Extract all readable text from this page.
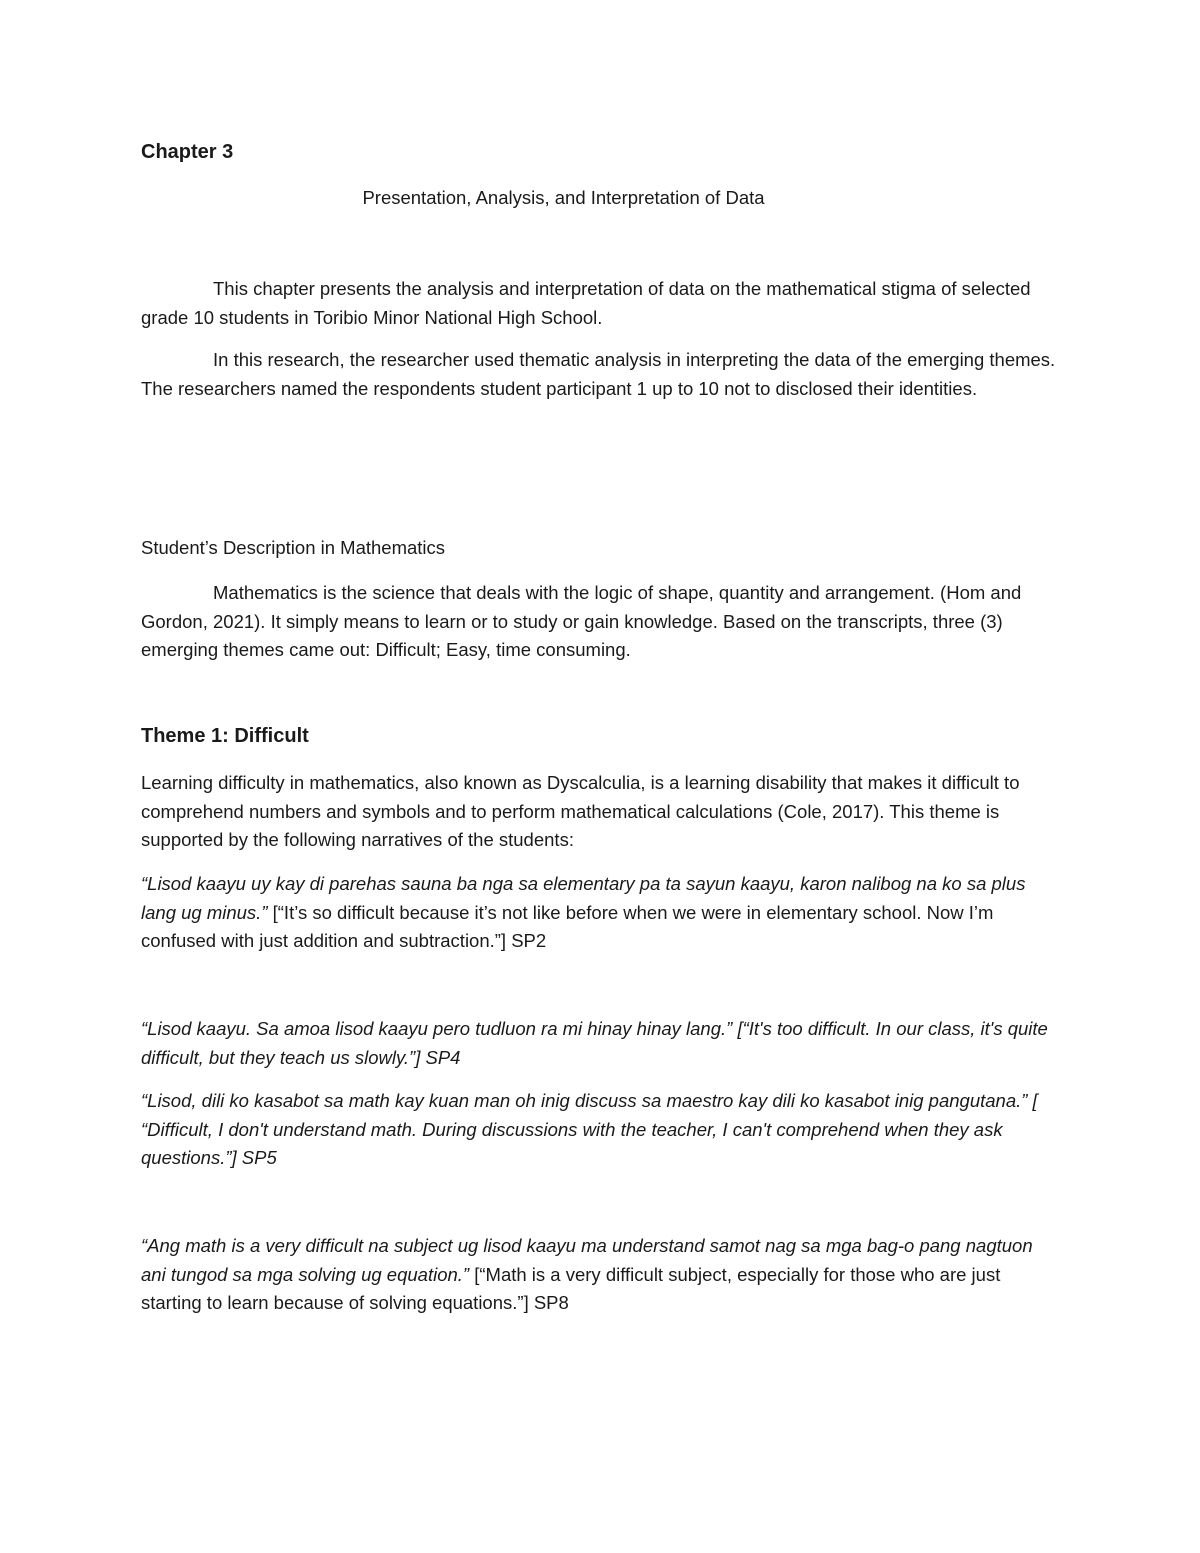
Chapter 3

Presentation, Analysis, and Interpretation of Data

This chapter presents the analysis and interpretation of data on the mathematical stigma of selected grade 10 students in Toribio Minor National High School.

In this research, the researcher used thematic analysis in interpreting the data of the emerging themes. The researchers named the respondents student participant 1 up to 10 not to disclosed their identities.

Student’s Description in Mathematics

Mathematics is the science that deals with the logic of shape, quantity and arrangement. (Hom and Gordon, 2021). It simply means to learn or to study or gain knowledge. Based on the transcripts, three (3) emerging themes came out: Difficult; Easy, time consuming.

Theme 1: Difficult

Learning difficulty in mathematics, also known as Dyscalculia, is a learning disability that makes it difficult to comprehend numbers and symbols and to perform mathematical calculations (Cole, 2017). This theme is supported by the following narratives of the students:

“Lisod kaayu uy kay di parehas sauna ba nga sa elementary pa ta sayun kaayu, karon nalibog na ko sa plus lang ug minus.” [“It’s so difficult because it’s not like before when we were in elementary school. Now I’m confused with just addition and subtraction.”] SP2

“Lisod kaayu. Sa amoa lisod kaayu pero tudluon ra mi hinay hinay lang.” [“It's too difficult. In our class, it's quite difficult, but they teach us slowly.”] SP4

“Lisod, dili ko kasabot sa math kay kuan man oh inig discuss sa maestro kay dili ko kasabot inig pangutana.” [ “Difficult, I don't understand math. During discussions with the teacher, I can't comprehend when they ask questions.”] SP5

“Ang math is a very difficult na subject ug lisod kaayu ma understand samot nag sa mga bag-o pang nagtuon ani tungod sa mga solving ug equation.” [“Math is a very difficult subject, especially for those who are just starting to learn because of solving equations.”] SP8
